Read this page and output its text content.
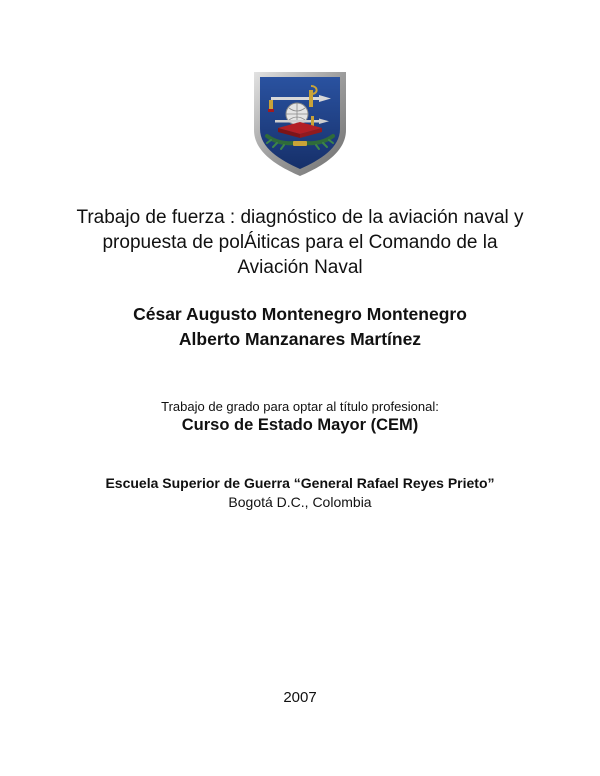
Trabajo de fuerza : diagnóstico de la aviación naval y
propuesta de polÁiticas para el Comando de la
Aviación Naval
César Augusto Montenegro Montenegro
Alberto Manzanares Martínez
Trabajo de grado para optar al título profesional:
Curso de Estado Mayor (CEM)
Escuela Superior de Guerra “General Rafael Reyes Prieto”
Bogotá D.C., Colombia
2007
